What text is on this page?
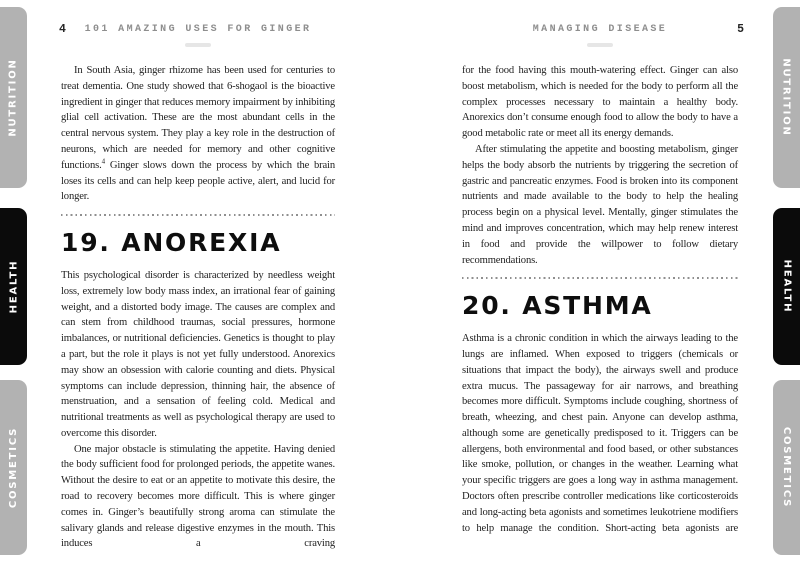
NUTRITION
HEALTH
COSMETICS
NUTRITION
HEALTH
COSMETICS
4	101 AMAZING USES FOR GINGER

In South Asia, ginger rhizome has been used for centuries to treat dementia. One study showed that 6-shogaol is the bioactive ingredient in ginger that reduces memory impairment by inhibiting glial cell activation. These are the most abundant cells in the central nervous system. They play a key role in the destruction of neurons, which are needed for memory and other cognitive functions.$^4$ Ginger slows down the process by which the brain loses its cells and can help keep people active, alert, and lucid for longer.

19. ANOREXIA

This psychological disorder is characterized by needless weight loss, extremely low body mass index, an irrational fear of gaining weight, and a distorted body image. The causes are complex and can stem from childhood traumas, social pressures, hormone imbalances, or nutritional deficiencies. Genetics is thought to play a part, but the role it plays is not yet fully understood. Anorexics may show an obsession with calorie counting and diets. Physical symptoms can include depression, thinning hair, the absence of menstruation, and a sensation of feeling cold. Medical and nutritional treatments as well as psychological therapy are used to overcome this disorder.

One major obstacle is stimulating the appetite. Having denied the body sufficient food for prolonged periods, the appetite wanes. Without the desire to eat or an appetite to motivate this desire, the road to recovery becomes more difficult. This is where ginger comes in. Ginger’s beautifully strong aroma can stimulate the salivary glands and release digestive enzymes in the mouth. This induces a craving

5
MANAGING DISEASE

for the food having this mouth-watering effect. Ginger can also boost metabolism, which is needed for the body to perform all the complex processes necessary to maintain a healthy body. Anorexics don’t consume enough food to allow the body to have a good metabolic rate or meet all its energy demands.

After stimulating the appetite and boosting metabolism, ginger helps the body absorb the nutrients by triggering the secretion of gastric and pancreatic enzymes. Food is broken into its component nutrients and made available to the body to help the healing process begin on a physical level. Mentally, ginger stimulates the mind and improves concentration, which may help renew interest in food and provide the willpower to follow dietary recommendations.

20. ASTHMA

Asthma is a chronic condition in which the airways leading to the lungs are inflamed. When exposed to triggers (chemicals or situations that impact the body), the airways swell and produce extra mucus. The passageway for air narrows, and breathing becomes more difficult. Symptoms include coughing, shortness of breath, wheezing, and chest pain. Anyone can develop asthma, although some are genetically predisposed to it. Triggers can be allergens, both environmental and food based, or other substances like smoke, pollution, or changes in the weather. Learning what your specific triggers are goes a long way in asthma management. Doctors often prescribe controller medications like corticosteroids and long-acting beta agonists and sometimes leukotriene modifiers to help manage the condition. Short-acting beta agonists are
